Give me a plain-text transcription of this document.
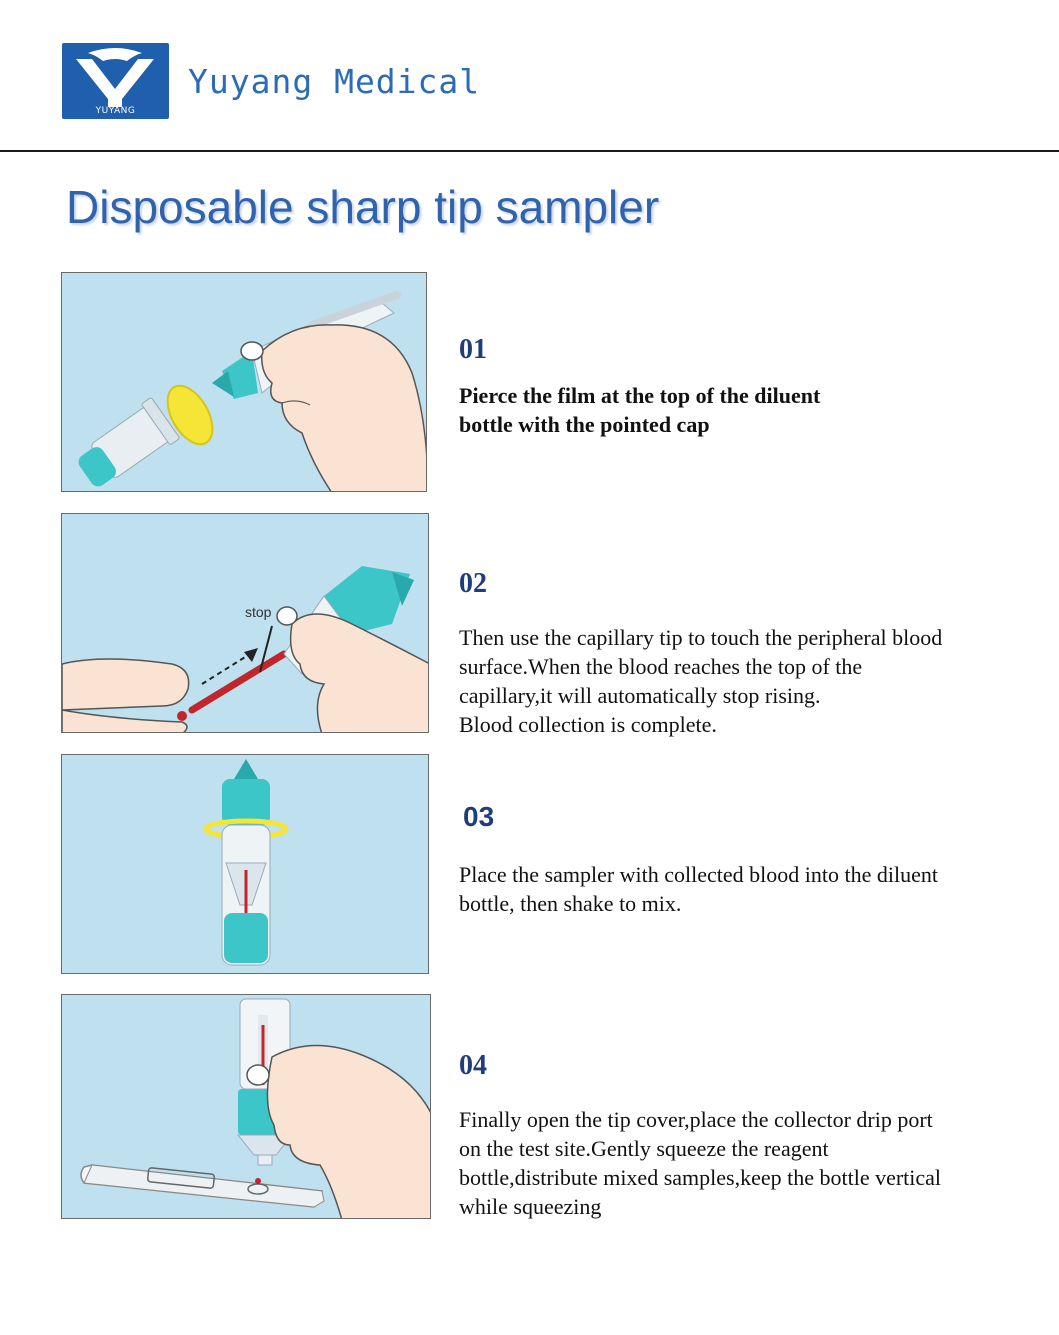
YUYANG
Yuyang Medical
Disposable sharp tip sampler
01
Pierce the film at the top of the diluent
bottle with the pointed cap
stop
02
Then use the capillary tip to touch the peripheral blood
surface.When the blood reaches the top of the
capillary,it will automatically stop rising.
Blood collection is complete.
03
Place the sampler with collected blood into the diluent
bottle, then shake to mix.
04
Finally open the tip cover,place the collector drip port
on the test site.Gently squeeze the reagent
bottle,distribute mixed samples,keep the bottle vertical
while squeezing
